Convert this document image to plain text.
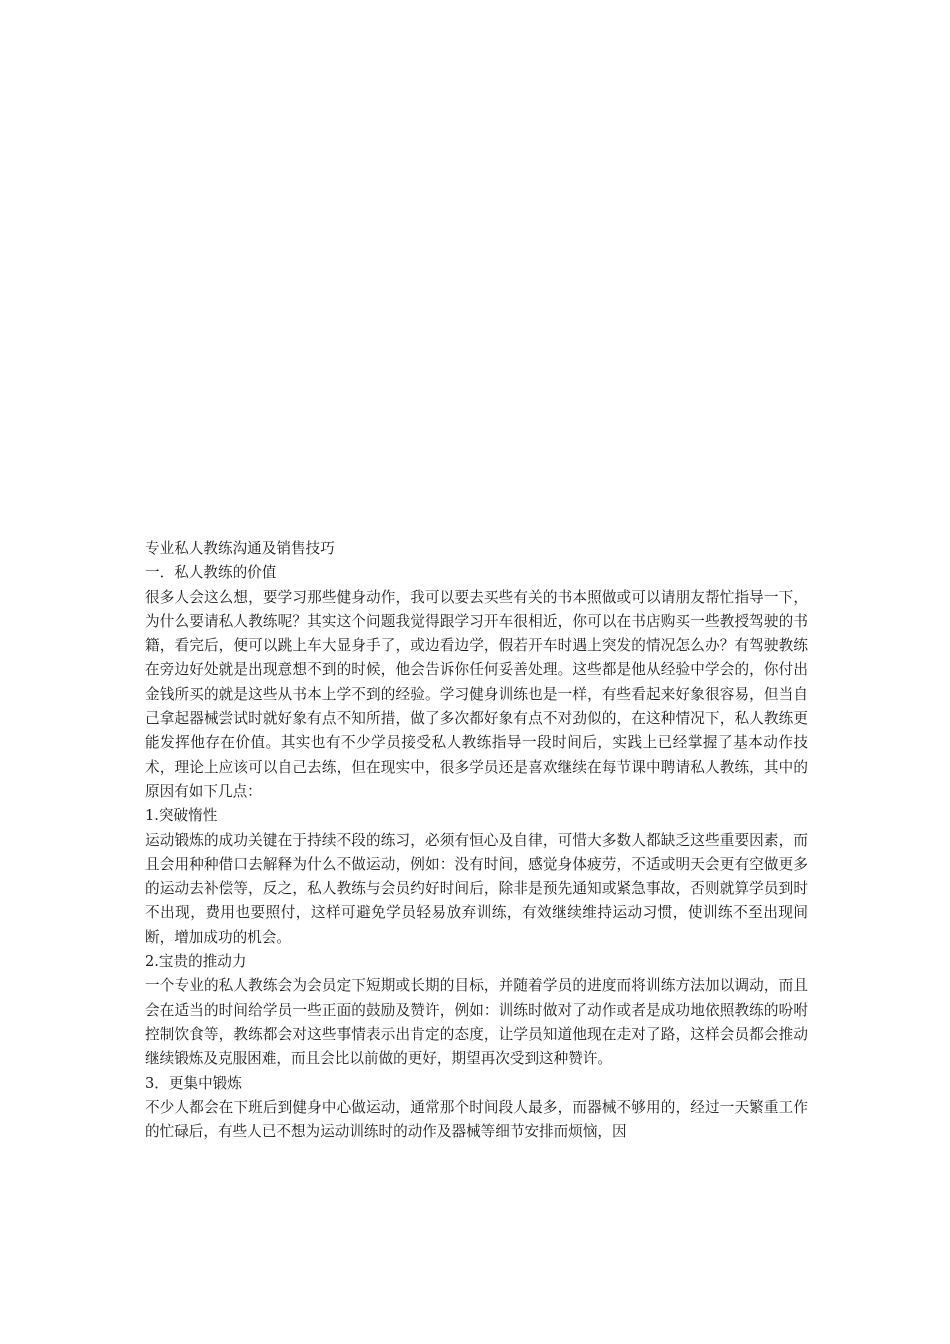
专业私人教练沟通及销售技巧

一．私人教练的价值

很多人会这么想，要学习那些健身动作，我可以要去买些有关的书本照做或可以请朋友帮忙指导一下，为什么要请私人教练呢？其实这个问题我觉得跟学习开车很相近，你可以在书店购买一些教授驾驶的书籍，看完后，便可以跳上车大显身手了，或边看边学，假若开车时遇上突发的情况怎么办？有驾驶教练在旁边好处就是出现意想不到的时候，他会告诉你任何妥善处理。这些都是他从经验中学会的，你付出金钱所买的就是这些从书本上学不到的经验。学习健身训练也是一样，有些看起来好象很容易，但当自己拿起器械尝试时就好象有点不知所措，做了多次都好象有点不对劲似的，在这种情况下，私人教练更能发挥他存在价值。其实也有不少学员接受私人教练指导一段时间后，实践上已经掌握了基本动作技术，理论上应该可以自己去练，但在现实中，很多学员还是喜欢继续在每节课中聘请私人教练，其中的原因有如下几点：

1.突破惰性

运动锻炼的成功关键在于持续不段的练习，必须有恒心及自律，可惜大多数人都缺乏这些重要因素，而且会用种种借口去解释为什么不做运动，例如：没有时间，感觉身体疲劳，不适或明天会更有空做更多的运动去补偿等，反之，私人教练与会员约好时间后，除非是预先通知或紧急事故，否则就算学员到时不出现，费用也要照付，这样可避免学员轻易放弃训练，有效继续维持运动习惯，使训练不至出现间断，增加成功的机会。

2.宝贵的推动力

一个专业的私人教练会为会员定下短期或长期的目标，并随着学员的进度而将训练方法加以调动，而且会在适当的时间给学员一些正面的鼓励及赞许，例如：训练时做对了动作或者是成功地依照教练的吩咐控制饮食等，教练都会对这些事情表示出肯定的态度，让学员知道他现在走对了路，这样会员都会推动继续锻炼及克服困难，而且会比以前做的更好，期望再次受到这种赞许。

3．更集中锻炼

不少人都会在下班后到健身中心做运动，通常那个时间段人最多，而器械不够用的，经过一天繁重工作的忙碌后，有些人已不想为运动训练时的动作及器械等细节安排而烦恼，因
